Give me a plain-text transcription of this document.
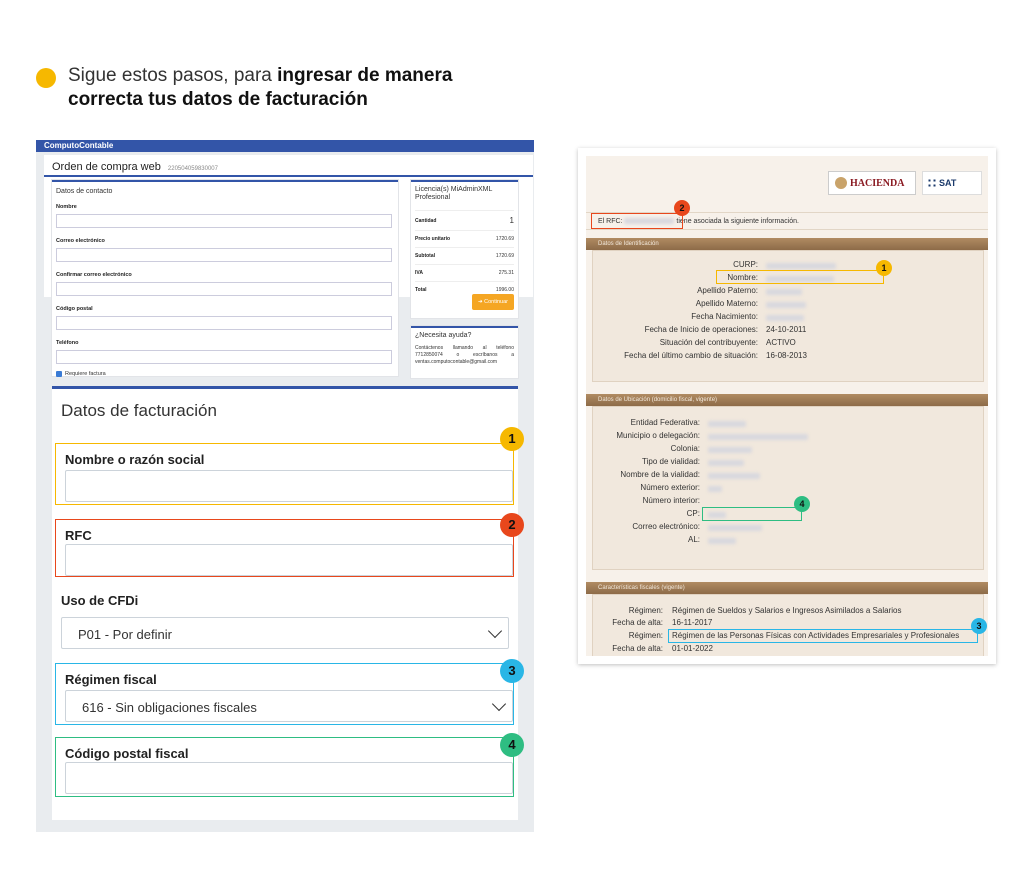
Sigue estos pasos, para ingresar de manera
correcta tus datos de facturación

ComputoContable
Orden de compra web 220504059830007
Datos de contacto
Nombre
Correo electrónico
Confirmar correo electrónico
Código postal
Teléfono
Requiere factura
Licencia(s) MiAdminXML Profesional
Cantidad	1
Precio unitario	1720.69
Subtotal	1720.69
IVA	275.31
Total	1996.00
➜ Continuar
¿Necesita ayuda?
Contáctenos llamando al teléfono 7712850074 o escríbanos a ventas.computocontable@gmail.com
Datos de facturación
Nombre o razón social
1
RFC
2
Uso de CFDi
P01 - Por definir
Régimen fiscal
616 - Sin obligaciones fiscales
3
Código postal fiscal
4
HACIENDA	SAT
El RFC:	tiene asociada la siguiente información.
2
Datos de Identificación
CURP:
Nombre:
Apellido Paterno:
Apellido Materno:
Fecha Nacimiento:
Fecha de Inicio de operaciones: 24-10-2011
Situación del contribuyente: ACTIVO
Fecha del último cambio de situación: 16-08-2013
1
Datos de Ubicación (domicilio fiscal, vigente)
Entidad Federativa:
Municipio o delegación:
Colonia:
Tipo de vialidad:
Nombre de la vialidad:
Número exterior:
Número interior:
CP:
Correo electrónico:
AL:
4
Características fiscales (vigente)
Régimen: Régimen de Sueldos y Salarios e Ingresos Asimilados a Salarios
Fecha de alta: 16-11-2017
Régimen: Régimen de las Personas Físicas con Actividades Empresariales y Profesionales
Fecha de alta: 01-01-2022
3
